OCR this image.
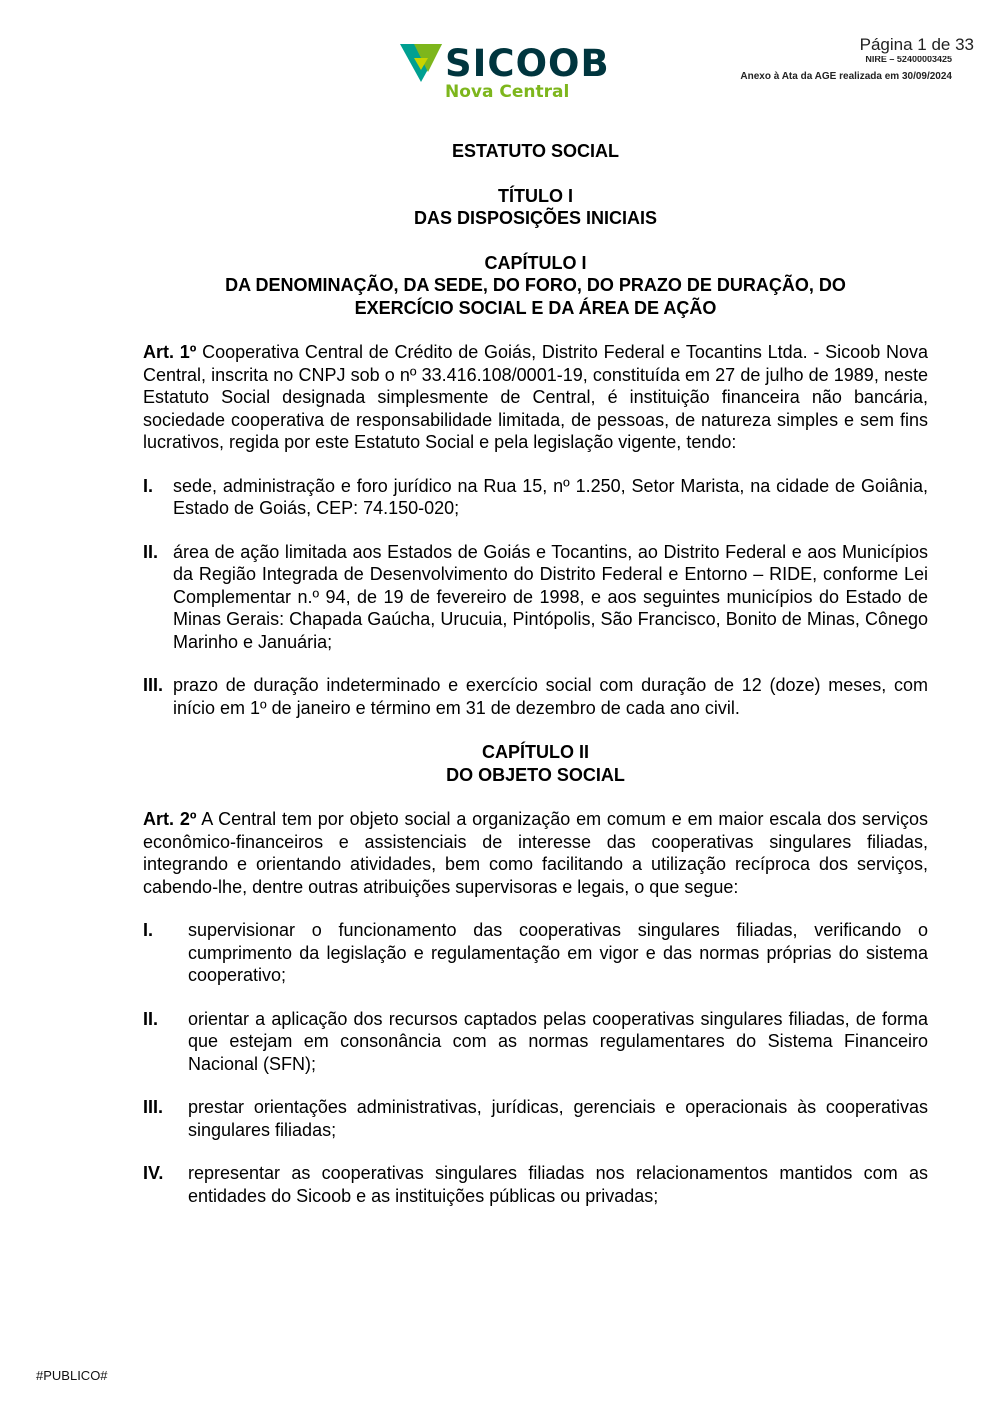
Página 1 de 33
NIRE – 52400003425
Anexo à Ata da AGE realizada em 30/09/2024
SICOOB
Nova Central

ESTATUTO SOCIAL

TÍTULO I

DAS DISPOSIÇÕES INICIAIS

CAPÍTULO I

DA DENOMINAÇÃO, DA SEDE, DO FORO, DO PRAZO DE DURAÇÃO, DO

EXERCÍCIO SOCIAL E DA ÁREA DE AÇÃO

Art. 1º Cooperativa Central de Crédito de Goiás, Distrito Federal e Tocantins Ltda. - Sicoob Nova Central, inscrita no CNPJ sob o nº 33.416.108/0001-19, constituída em 27 de julho de 1989, neste Estatuto Social designada simplesmente de Central, é instituição financeira não bancária, sociedade cooperativa de responsabilidade limitada, de pessoas, de natureza simples e sem fins lucrativos, regida por este Estatuto Social e pela legislação vigente, tendo:

I. sede, administração e foro jurídico na Rua 15, nº 1.250, Setor Marista, na cidade de Goiânia, Estado de Goiás, CEP: 74.150-020;
II. área de ação limitada aos Estados de Goiás e Tocantins, ao Distrito Federal e aos Municípios da Região Integrada de Desenvolvimento do Distrito Federal e Entorno – RIDE, conforme Lei Complementar n.º 94, de 19 de fevereiro de 1998, e aos seguintes municípios do Estado de Minas Gerais: Chapada Gaúcha, Urucuia, Pintópolis, São Francisco, Bonito de Minas, Cônego Marinho e Januária;
III. prazo de duração indeterminado e exercício social com duração de 12 (doze) meses, com início em 1º de janeiro e término em 31 de dezembro de cada ano civil.

CAPÍTULO II

DO OBJETO SOCIAL

Art. 2º A Central tem por objeto social a organização em comum e em maior escala dos serviços econômico-financeiros e assistenciais de interesse das cooperativas singulares filiadas, integrando e orientando atividades, bem como facilitando a utilização recíproca dos serviços, cabendo-lhe, dentre outras atribuições supervisoras e legais, o que segue:

I. supervisionar o funcionamento das cooperativas singulares filiadas, verificando o cumprimento da legislação e regulamentação em vigor e das normas próprias do sistema cooperativo;
II. orientar a aplicação dos recursos captados pelas cooperativas singulares filiadas, de forma que estejam em consonância com as normas regulamentares do Sistema Financeiro Nacional (SFN);
III. prestar orientações administrativas, jurídicas, gerenciais e operacionais às cooperativas singulares filiadas;
IV. representar as cooperativas singulares filiadas nos relacionamentos mantidos com as entidades do Sicoob e as instituições públicas ou privadas;
#PUBLICO#
